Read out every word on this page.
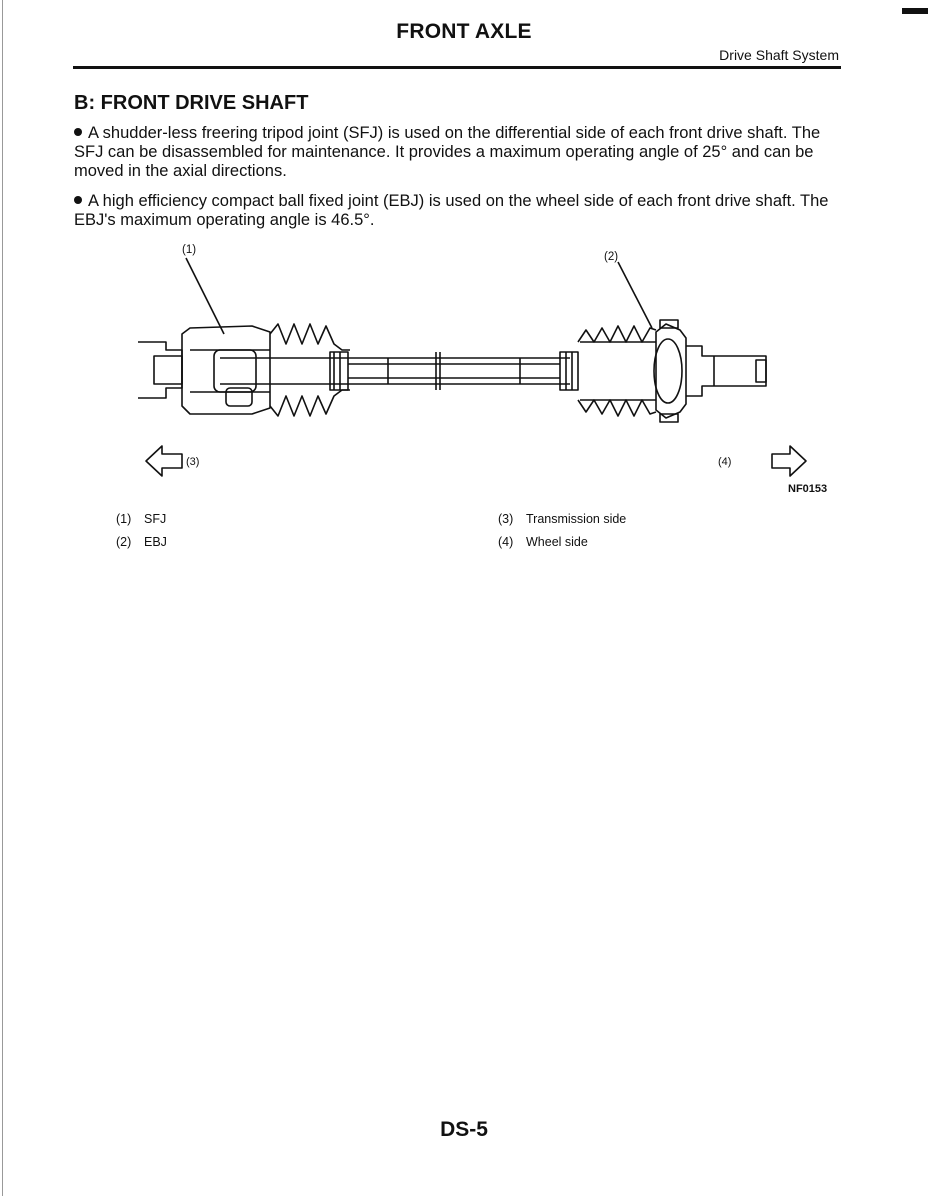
FRONT AXLE
Drive Shaft System
B: FRONT DRIVE SHAFT
A shudder-less freering tripod joint (SFJ) is used on the differential side of each front drive shaft. The SFJ can be disassembled for maintenance. It provides a maximum operating angle of 25° and can be moved in the axial directions.
A high efficiency compact ball fixed joint (EBJ) is used on the wheel side of each front drive shaft. The EBJ's maximum operating angle is 46.5°.
(1)
(2)
(3)	(4)
NF0153
(1) SFJ
(2) EBJ
(3) Transmission side
(4) Wheel side
DS-5
